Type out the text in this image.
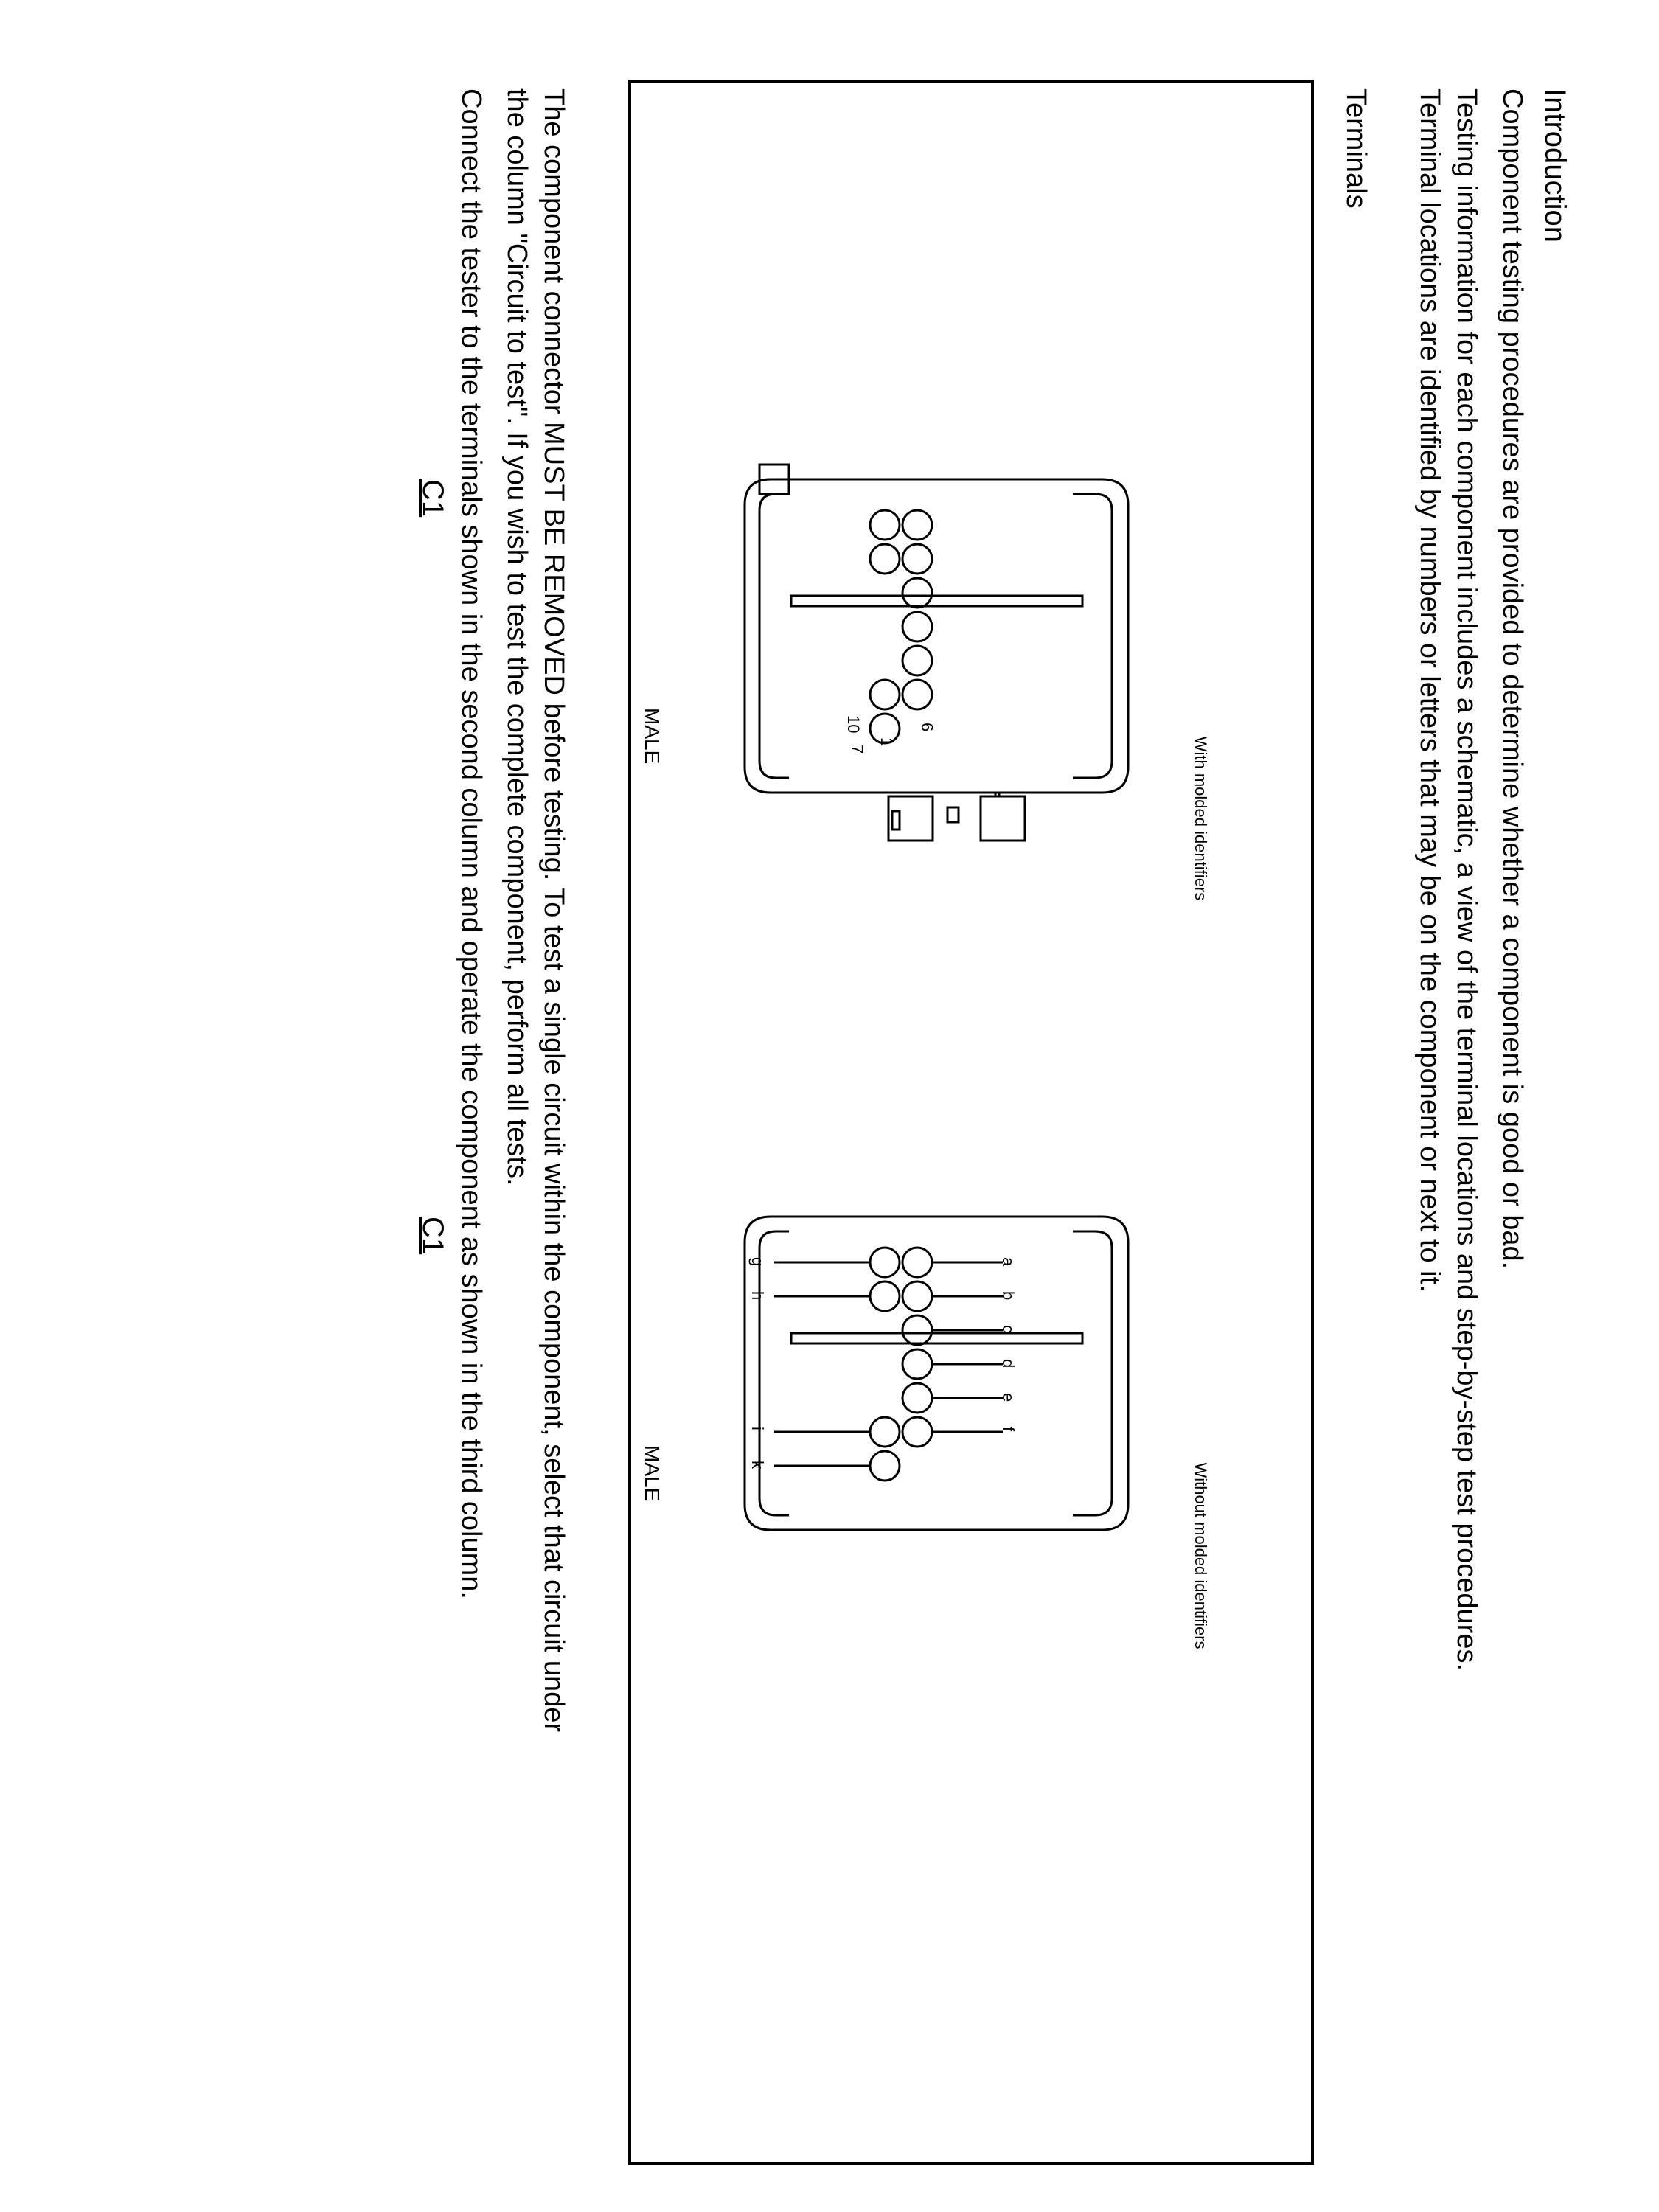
Introduction
Component testing procedures are provided to determine whether a component is good or bad.
Testing information for each component includes a schematic, a view of the terminal locations and step-by-step test procedures.
Terminal locations are identified by numbers or letters that may be on the component or next to it.
Terminals
C1
With molded identifiers
MALE
C1
Without molded identifiers
MALE
The component connector MUST BE REMOVED before testing. To test a single circuit within the component, select that circuit under
the column "Circuit to test". If you wish to test the complete component, perform all tests.
Connect the tester to the terminals shown in the second column and operate the component as shown in the third column.	1
6
7
10
a
b
c
d
e
f
g
h
i
k
